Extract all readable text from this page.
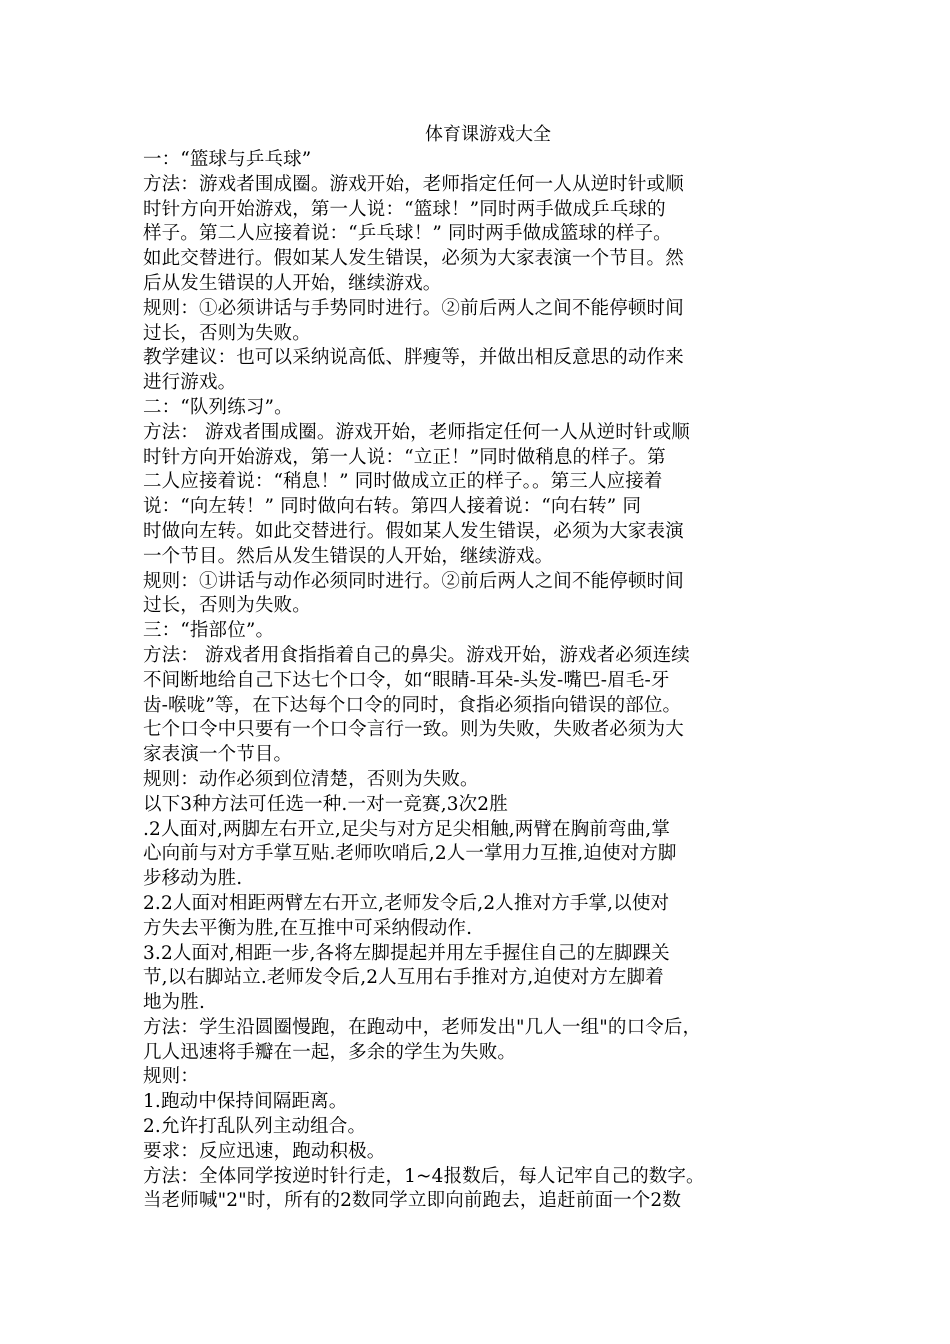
体育课游戏大全
一：“篮球与乒乓球”
方法：游戏者围成圈。游戏开始，老师指定任何一人从逆时针或顺
时针方向开始游戏，第一人说：“篮球！”同时两手做成乒乓球的
样子。第二人应接着说：“乒乓球！” 同时两手做成篮球的样子。
如此交替进行。假如某人发生错误，必须为大家表演一个节目。然
后从发生错误的人开始，继续游戏。
规则：①必须讲话与手势同时进行。②前后两人之间不能停顿时间
过长，否则为失败。
教学建议：也可以采纳说高低、胖瘦等，并做出相反意思的动作来
进行游戏。
二：“队列练习”。
方法： 游戏者围成圈。游戏开始，老师指定任何一人从逆时针或顺
时针方向开始游戏，第一人说：“立正！”同时做稍息的样子。第
二人应接着说：“稍息！” 同时做成立正的样子。。第三人应接着
说：“向左转！” 同时做向右转。第四人接着说：“向右转” 同
时做向左转。如此交替进行。假如某人发生错误，必须为大家表演
一个节目。然后从发生错误的人开始，继续游戏。
规则：①讲话与动作必须同时进行。②前后两人之间不能停顿时间
过长，否则为失败。
三：“指部位”。
方法： 游戏者用食指指着自己的鼻尖。游戏开始，游戏者必须连续
不间断地给自己下达七个口令，如“眼睛-耳朵-头发-嘴巴-眉毛-牙
齿-喉咙”等，在下达每个口令的同时，食指必须指向错误的部位。
七个口令中只要有一个口令言行一致。则为失败，失败者必须为大
家表演一个节目。
规则：动作必须到位清楚，否则为失败。
以下3种方法可任选一种.一对一竞赛,3次2胜
.2人面对,两脚左右开立,足尖与对方足尖相触,两臂在胸前弯曲,掌
心向前与对方手掌互贴.老师吹哨后,2人一掌用力互推,迫使对方脚
步移动为胜.
2.2人面对相距两臂左右开立,老师发令后,2人推对方手掌,以使对
方失去平衡为胜,在互推中可采纳假动作.
3.2人面对,相距一步,各将左脚提起并用左手握住自己的左脚踝关
节,以右脚站立.老师发令后,2人互用右手推对方,迫使对方左脚着
地为胜.
方法：学生沿圆圈慢跑，在跑动中，老师发出"几人一组"的口令后，
几人迅速将手瓣在一起，多余的学生为失败。
规则：
1.跑动中保持间隔距离。
2.允许打乱队列主动组合。
要求：反应迅速，跑动积极。
方法：全体同学按逆时针行走，1~4报数后，每人记牢自己的数字。
当老师喊"2"时，所有的2数同学立即向前跑去，追赶前面一个2数
